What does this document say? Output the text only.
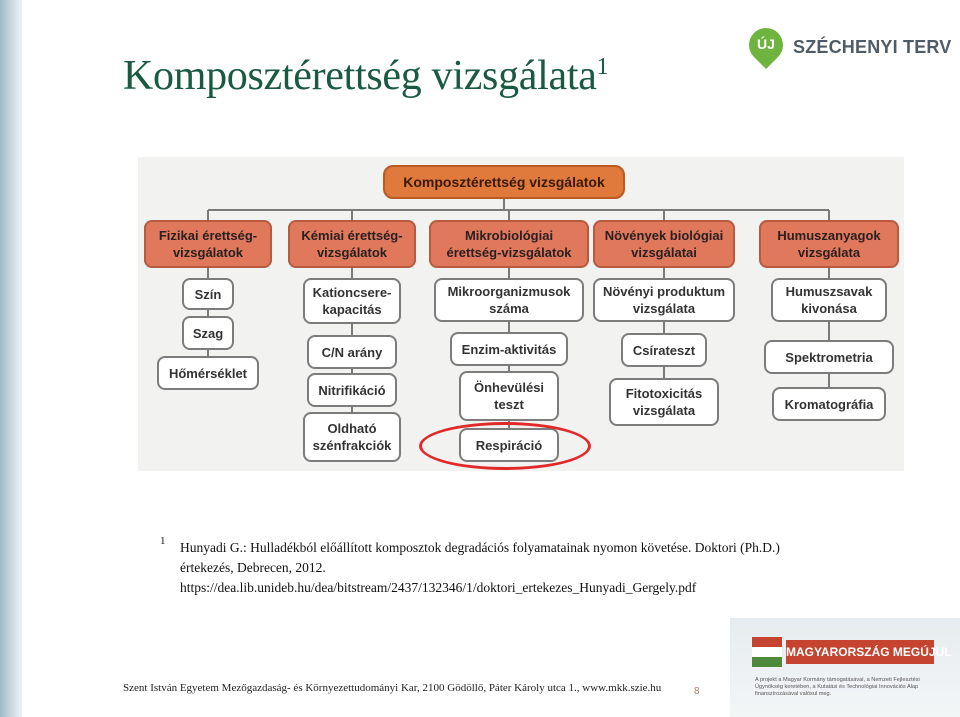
Komposztérettség vizsgálata$^1$
ÚJ	SZÉCHENYI TERV
Komposztérettség vizsgálatok
Fizikai érettség-
vizsgálatok
Szín
Szag
Hőmérséklet
Kémiai érettség-
vizsgálatok
Kationcsere-
kapacitás
C/N arány
Nitrifikáció
Oldható
szénfrakciók
Mikrobiológiai
érettség-vizsgálatok
Mikroorganizmusok
száma
Enzim-aktivitás
Önhevülési
teszt
Respiráció
Növények biológiai
vizsgálatai
Növényi produktum
vizsgálata
Csírateszt
Fitotoxicitás
vizsgálata
Humuszanyagok
vizsgálata
Humuszsavak
kivonása
Spektrometria
Kromatográfia
1 Hunyadi G.: Hulladékból előállított komposztok degradációs folyamatainak nyomon követése. Doktori (Ph.D.)
értekezés, Debrecen, 2012.
https://dea.lib.unideb.hu/dea/bitstream/2437/132346/1/doktori_ertekezes_Hunyadi_Gergely.pdf
MAGYARORSZÁG MEGÚJUL
A projekt a Magyar Kormány támogatásával, a Nemzeti Fejlesztési Ügynökség keretében, a Kutatási és Technológiai Innovációs Alap finanszírozásával valósul meg.
Szent István Egyetem Mezőgazdaság- és Környezettudományi Kar, 2100 Gödöllő, Páter Károly utca 1., www.mkk.szie.hu	8
